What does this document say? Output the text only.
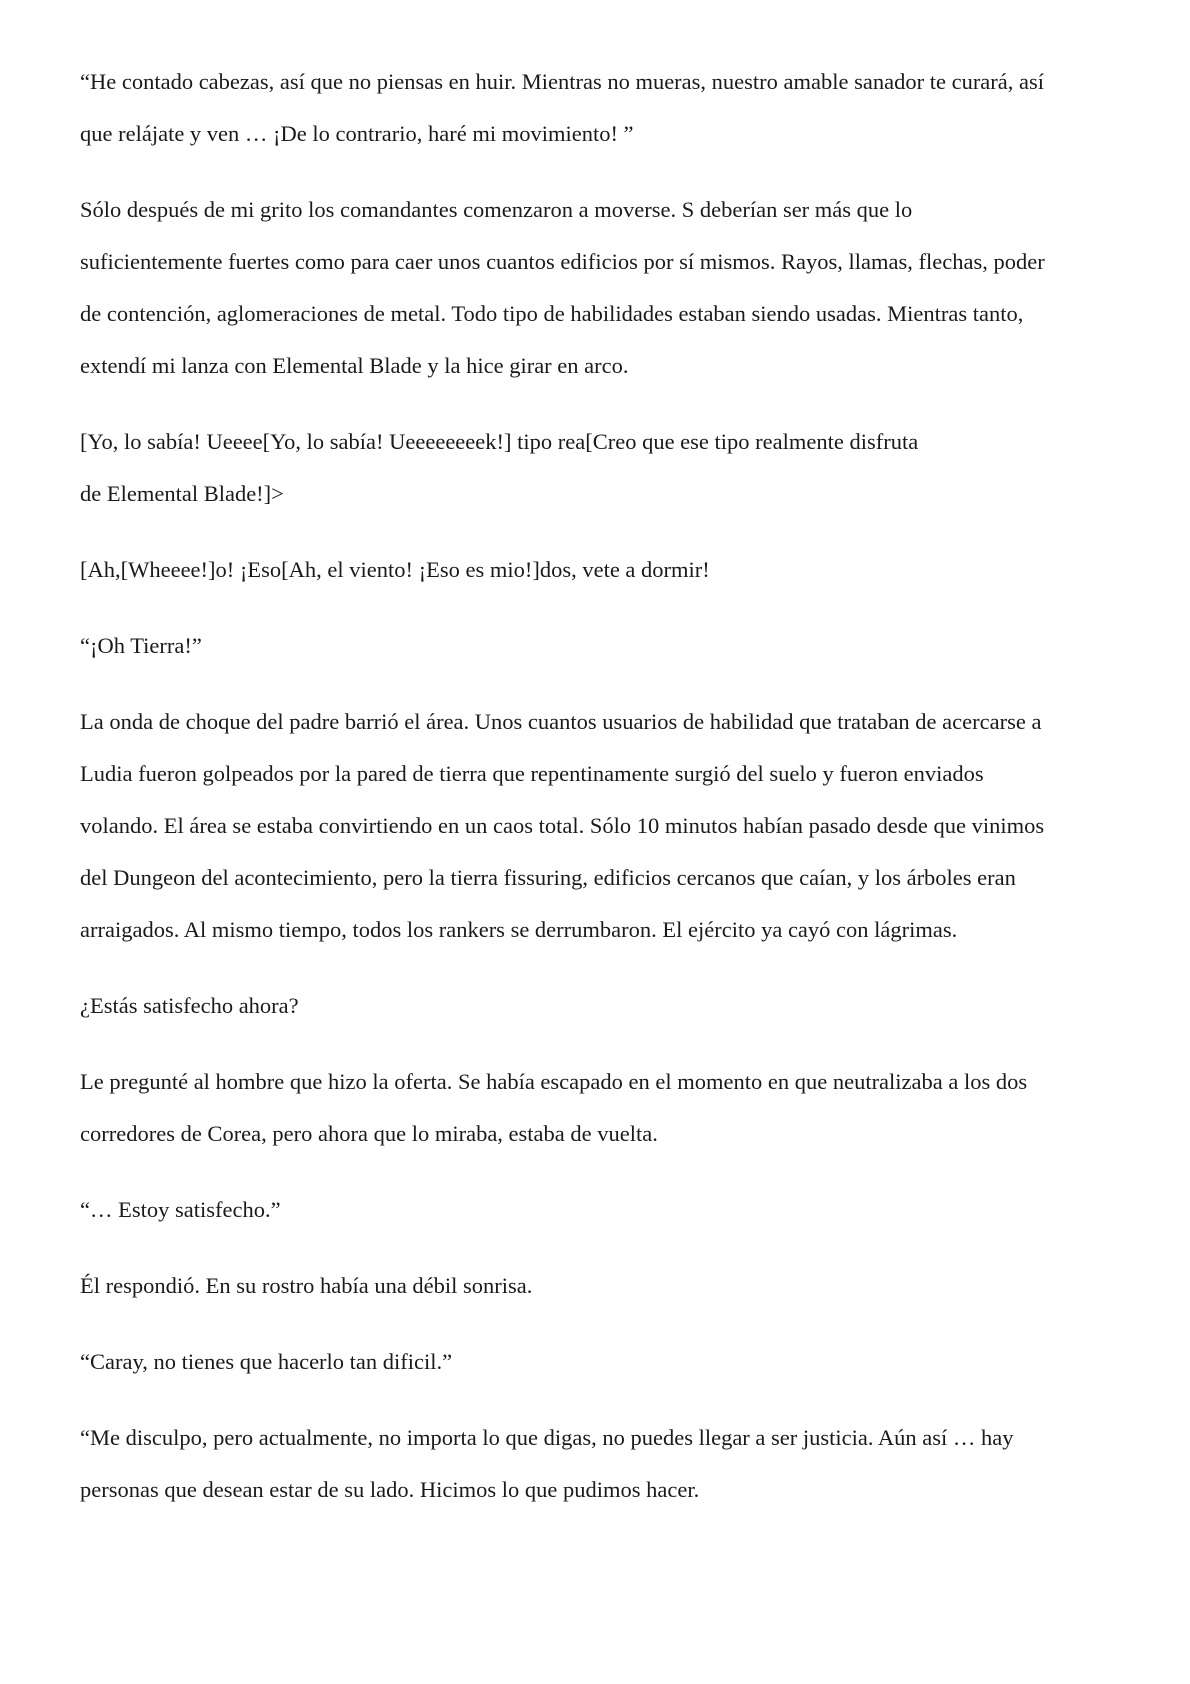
“He contado cabezas, así que no piensas en huir. Mientras no mueras, nuestro amable sanador te curará, así
que relájate y ven … ¡De lo contrario, haré mi movimiento! ”

Sólo después de mi grito los comandantes comenzaron a moverse. S deberían ser más que lo
suficientemente fuertes como para caer unos cuantos edificios por sí mismos. Rayos, llamas, flechas, poder
de contención, aglomeraciones de metal. Todo tipo de habilidades estaban siendo usadas. Mientras tanto,
extendí mi lanza con Elemental Blade y la hice girar en arco.

[Yo, lo sabía! Ueeee[Yo, lo sabía! Ueeeeeeeek!] tipo rea[Creo que ese tipo realmente disfruta
de Elemental Blade!]>

[Ah,[Wheeee!]o! ¡Eso[Ah, el viento! ¡Eso es mio!]dos, vete a dormir!

“¡Oh Tierra!”

La onda de choque del padre barrió el área. Unos cuantos usuarios de habilidad que trataban de acercarse a
Ludia fueron golpeados por la pared de tierra que repentinamente surgió del suelo y fueron enviados
volando. El área se estaba convirtiendo en un caos total. Sólo 10 minutos habían pasado desde que vinimos
del Dungeon del acontecimiento, pero la tierra fissuring, edificios cercanos que caían, y los árboles eran
arraigados. Al mismo tiempo, todos los rankers se derrumbaron. El ejército ya cayó con lágrimas.

¿Estás satisfecho ahora?

Le pregunté al hombre que hizo la oferta. Se había escapado en el momento en que neutralizaba a los dos
corredores de Corea, pero ahora que lo miraba, estaba de vuelta.

“… Estoy satisfecho.”

Él respondió. En su rostro había una débil sonrisa.

“Caray, no tienes que hacerlo tan dificil.”

“Me disculpo, pero actualmente, no importa lo que digas, no puedes llegar a ser justicia. Aún así … hay
personas que desean estar de su lado. Hicimos lo que pudimos hacer.
